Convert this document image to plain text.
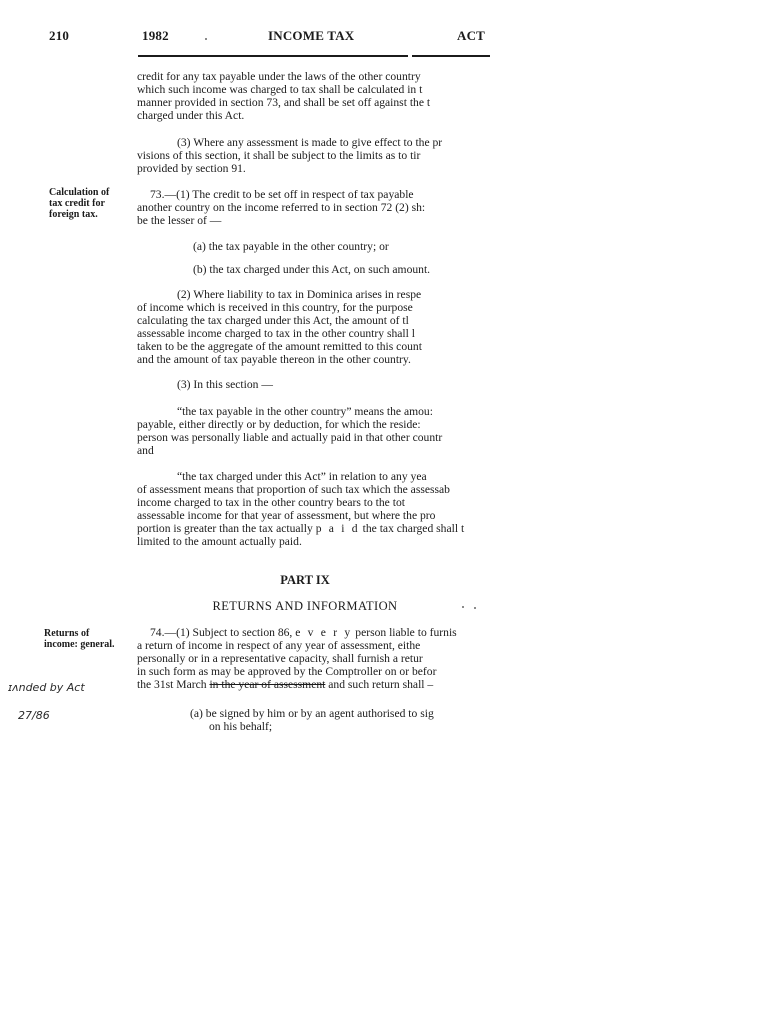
210	1982	INCOME TAX	ACT
credit for any tax payable under the laws of the other country
which such income was charged to tax shall be calculated in t
manner provided in section 73, and shall be set off against the t
charged under this Act.
(3) Where any assessment is made to give effect to the pr
visions of this section, it shall be subject to the limits as to tir
provided by section 91.
Calculation of
tax credit for
foreign tax.
73.—(1) The credit to be set off in respect of tax payable
another country on the income referred to in section 72 (2) sh:
be the lesser of —
(a) the tax payable in the other country; or
(b) the tax charged under this Act, on such amount.
(2) Where liability to tax in Dominica arises in respe
of income which is received in this country, for the purpose
calculating the tax charged under this Act, the amount of tl
assessable income charged to tax in the other country shall l
taken to be the aggregate of the amount remitted to this count
and the amount of tax payable thereon in the other country.
(3) In this section —
“the tax payable in the other country” means the amou:
payable, either directly or by deduction, for which the reside:
person was personally liable and actually paid in that other countr
and
“the tax charged under this Act” in relation to any yea
of assessment means that proportion of such tax which the assessab
income charged to tax in the other country bears to the tot
assessable income for that year of assessment, but where the pro
portion is greater than the tax actually p a i d the tax charged shall t
limited to the amount actually paid.
PART IX
RETURNS AND INFORMATION
Returns of
income: general.
74.—(1) Subject to section 86, e v e r y person liable to furnis
a return of income in respect of any year of assessment, eithe
personally or in a representative capacity, shall furnish a retur
in such form as may be approved by the Comptroller on or befor
the 31st March in the year of assessment and such return shall –
ɪʌnded by Act
27/86	(a) be signed by him or by an agent authorised to sig
on his behalf;
